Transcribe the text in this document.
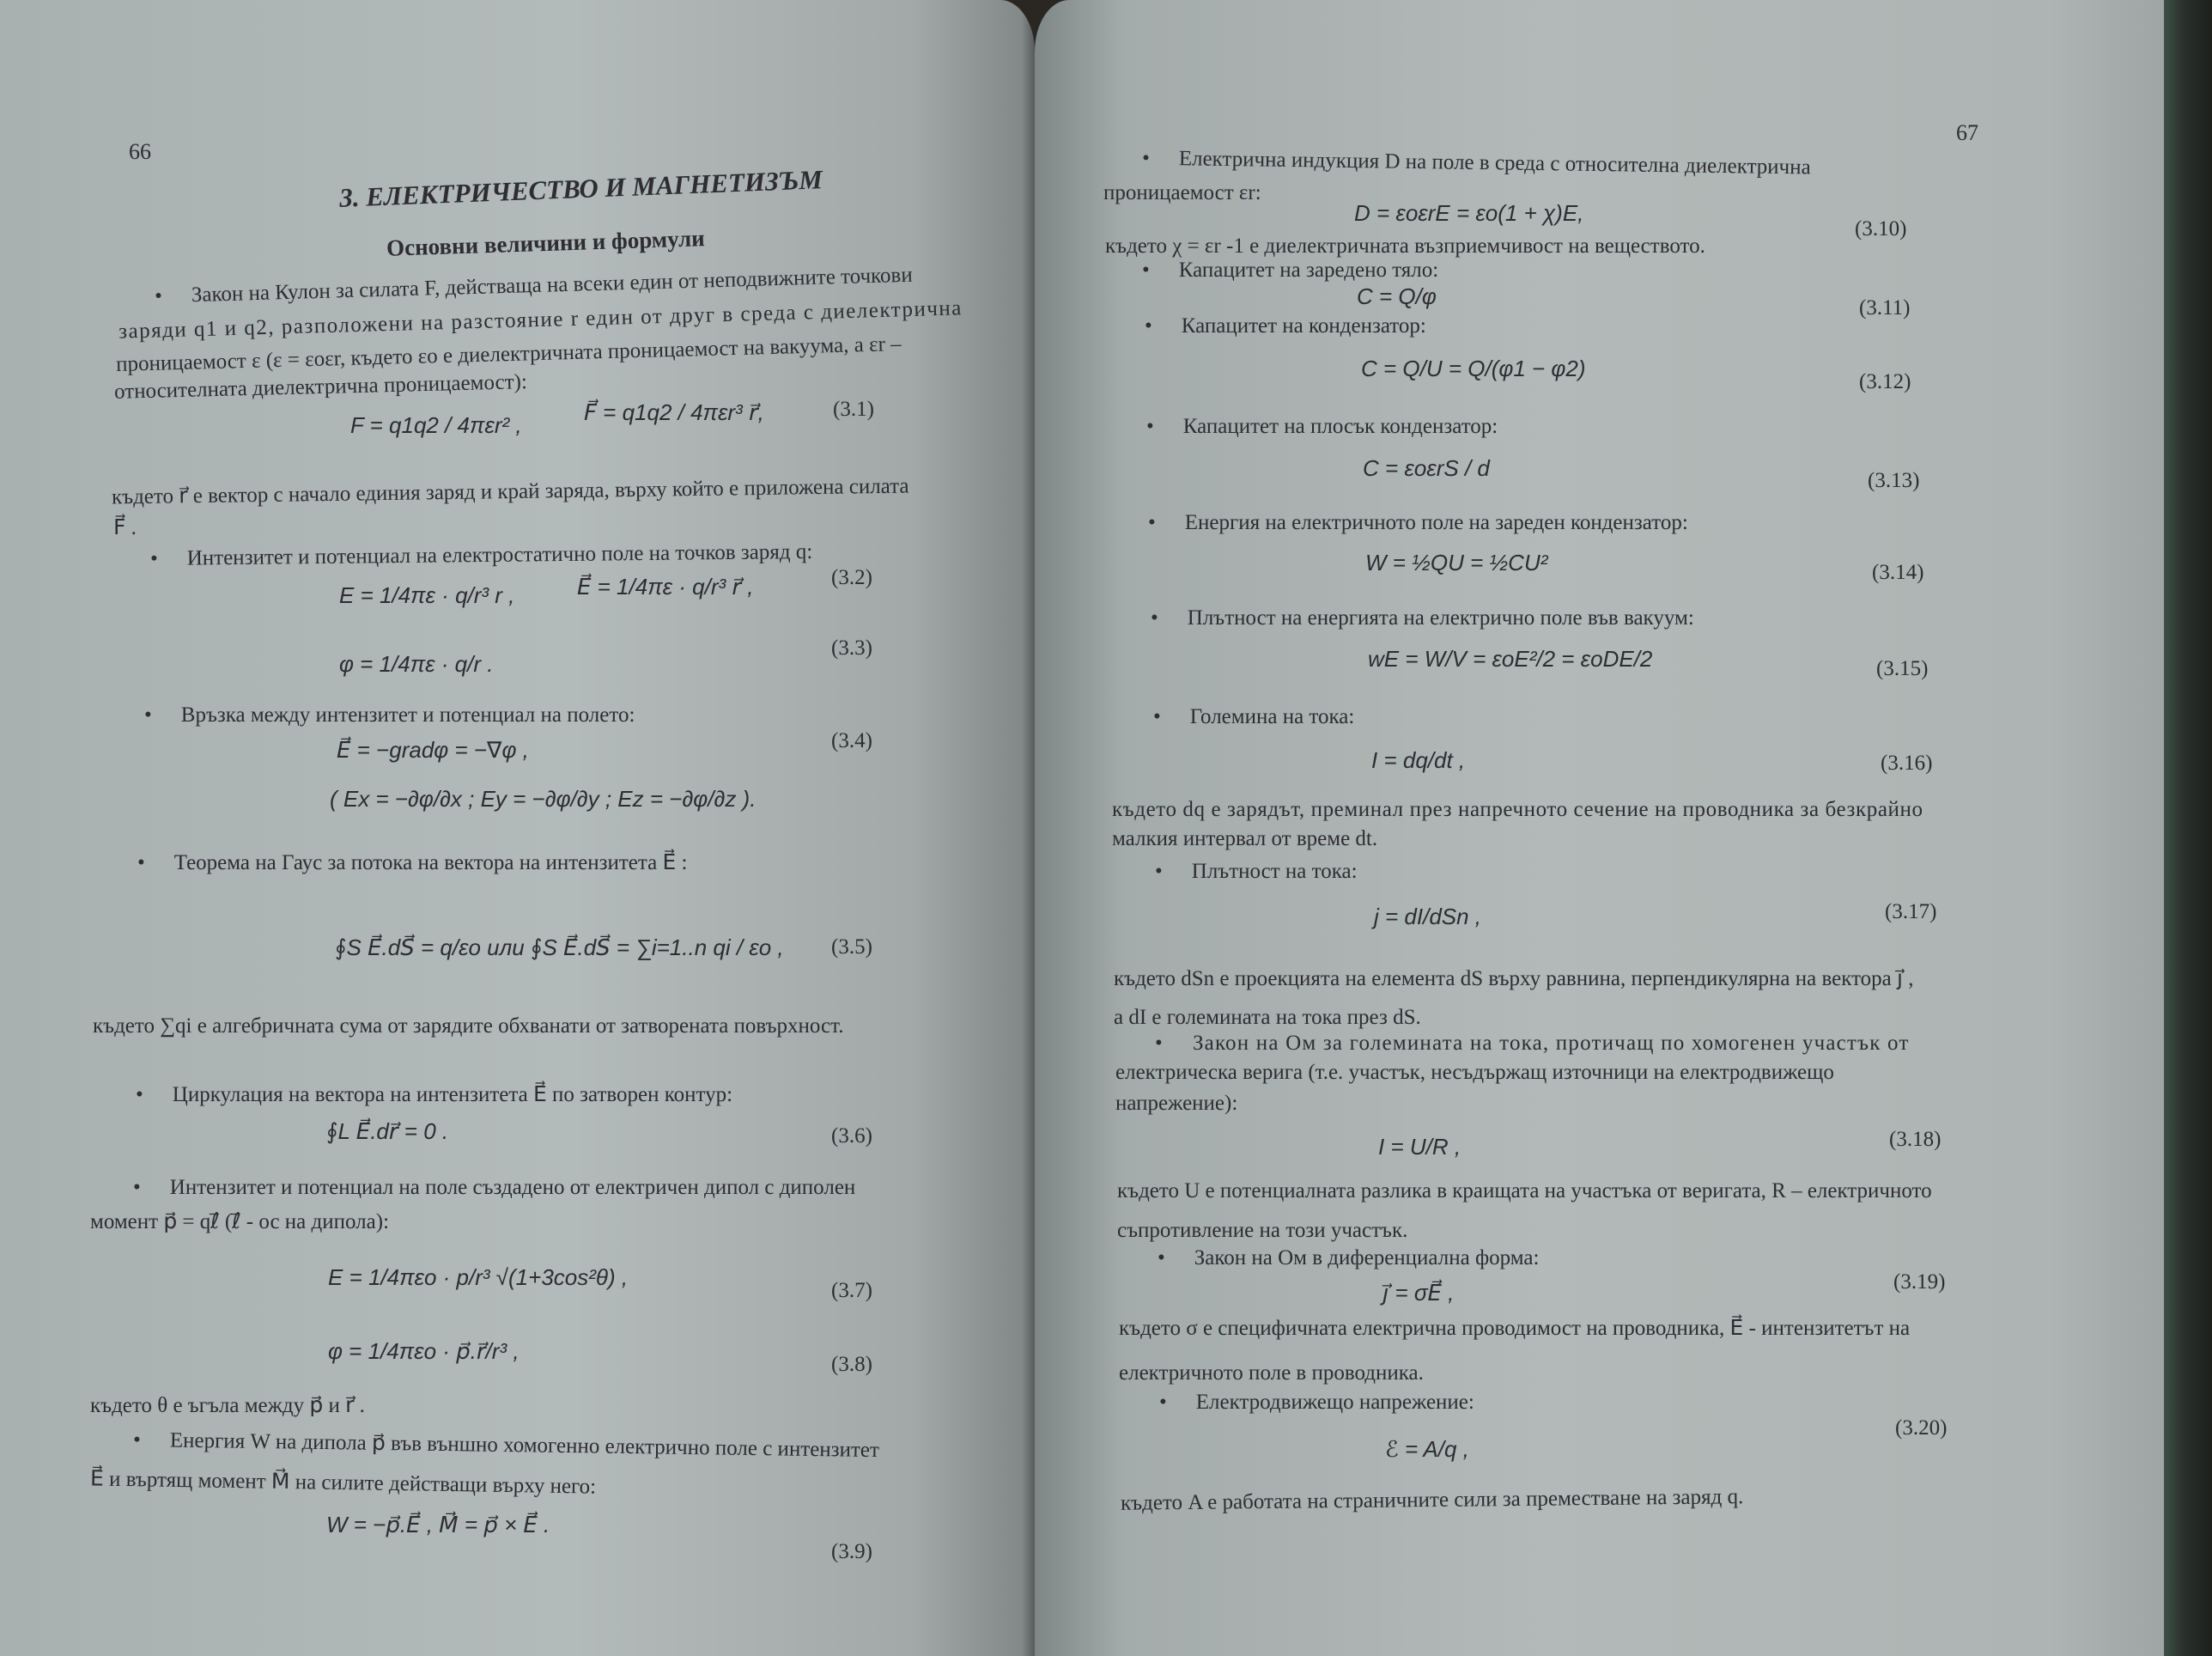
66
3. ЕЛЕКТРИЧЕСТВО И МАГНЕТИЗЪМ
Основни величини и формули
• Закон на Кулон за силата F, действаща на всеки един от неподвижните точкови
заряди q1 и q2, разположени на разстояние r един от друг в среда с диелектрична
проницаемост ε (ε = εoεr, където εo е диелектричната проницаемост на вакуума, а εr –
относителната диелектрична проницаемост):
F = q1q2 / 4πεr² ,	F⃗ = q1q2 / 4πεr³ r⃗,	(3.1)
където r⃗ е вектор с начало единия заряд и край заряда, върху който е приложена силата
F⃗ .
• Интензитет и потенциал на електростатично поле на точков заряд q:
E = 1/4πε · q/r³ r ,	E⃗ = 1/4πε · q/r³ r⃗ ,	(3.2)
φ = 1/4πε · q/r .
(3.3)
• Връзка между интензитет и потенциал на полето:
E⃗ = −gradφ = −∇φ ,	(3.4)
( Ex = −∂φ/∂x ; Ey = −∂φ/∂y ; Ez = −∂φ/∂z ).
• Теорема на Гаус за потока на вектора на интензитета E⃗ :
∮S E⃗.dS⃗ = q/εo или ∮S E⃗.dS⃗ = ∑i=1..n qi / εo , (3.5)
където ∑qi е алгебричната сума от зарядите обхванати от затворената повърхност.
• Циркулация на вектора на интензитета E⃗ по затворен контур:
∮L E⃗.dr⃗ = 0 .	(3.6)
• Интензитет и потенциал на поле създадено от електричен дипол с диполен
момент p⃗ = qℓ⃗ (ℓ⃗ - ос на дипола):
E = 1/4πεo · p/r³ √(1+3cos²θ) ,
(3.7)
φ = 1/4πεo · p⃗.r⃗/r³ ,
(3.8)
където θ е ъгъла между p⃗ и r⃗ .
• Енергия W на дипола p⃗ във външно хомогенно електрично поле с интензитет
E⃗ и въртящ момент M⃗ на силите действащи върху него:
W = −p⃗.E⃗ , M⃗ = p⃗ × E⃗ .
(3.9)
67
• Електрична индукция D на поле в среда с относителна диелектрична
проницаемост εr:
D = εoεrE = εo(1 + χ)E,
(3.10)
където χ = εr -1 е диелектричната възприемчивост на веществото.
• Капацитет на заредено тяло:
C = Q/φ	(3.11)
• Капацитет на кондензатор:
C = Q/U = Q/(φ1 − φ2)
(3.12)
• Капацитет на плосък кондензатор:
C = εoεrS / d	(3.13)
• Енергия на електричното поле на зареден кондензатор:
W = ½QU = ½CU²	(3.14)
• Плътност на енергията на електрично поле във вакуум:
wE = W/V = εoE²/2 = εoDE/2	(3.15)
• Големина на тока:
I = dq/dt ,	(3.16)
където dq е зарядът, преминал през напречното сечение на проводника за безкрайно
малкия интервал от време dt.
• Плътност на тока:
j = dI/dSn ,	(3.17)
където dSn е проекцията на елемента dS върху равнина, перпендикулярна на вектора j⃗ ,
а dI е големината на тока през dS.
• Закон на Ом за големината на тока, протичащ по хомогенен участък от
електрическа верига (т.е. участък, несъдържащ източници на електродвижещо
напрежение):
I = U/R ,	(3.18)
където U е потенциалната разлика в краищата на участъка от веригата, R – електричното
съпротивление на този участък.
• Закон на Ом в диференциална форма:
j⃗ = σE⃗ ,	(3.19)
където σ е специфичната електрична проводимост на проводника, E⃗ - интензитетът на
електричното поле в проводника.
• Електродвижещо напрежение:
ℰ = A/q ,
(3.20)
където A е работата на страничните сили за преместване на заряд q.
